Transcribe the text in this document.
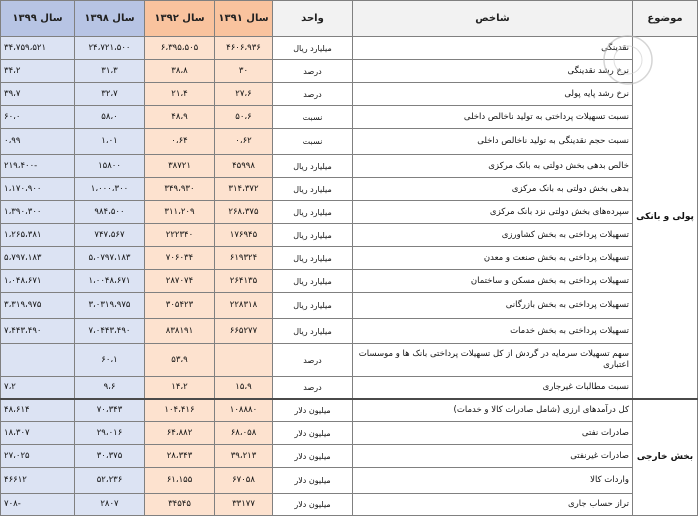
موضوع	شاخص	واحد	سال ۱۳۹۱	سال ۱۳۹۲	سال ۱۳۹۸	سال ۱۳۹۹
پولی و بانکی	نقدینگی	میلیارد ریال	۴۶۰۶،۹۳۶	۶،۳۹۵،۵۰۵	۲۴،۷۲۱،۵۰۰	۳۴،۷۵۹،۵۲۱
	نرخ رشد نقدینگی	درصد	۳۰	۳۸،۸	۳۱،۳	۳۴،۲
	نرخ رشد پایه پولی	درصد	۲۷،۶	۲۱،۴	۳۲،۷	۳۹،۷
	نسبت تسهیلات پرداختی به تولید ناخالص داخلی	نسبت	۵۰،۶	۴۸،۹	۵۸،۰	۶۰،۰
	نسبت حجم نقدینگی به تولید ناخالص داخلی	نسبت	۰،۶۲	۰،۶۴	۱،۰۱	۰،۹۹
	خالص بدهی بخش دولتی به بانک مرکزی	میلیارد ریال	۴۵۹۹۸	۳۸۷۲۱	۱۵۸۰۰	-۲۱۹،۴۰۰
	بدهی بخش دولتی به بانک مرکزی	میلیارد ریال	۳۱۴،۳۷۲	۳۴۹،۹۳۰	۱،۰۰۰،۳۰۰	۱،۱۷۰،۹۰۰
	سپرده‌های بخش دولتی نزد بانک مرکزی	میلیارد ریال	۲۶۸،۳۷۵	۳۱۱،۲۰۹	۹۸۴،۵۰۰	۱،۳۹۰،۳۰۰
	تسهیلات پرداختی به بخش کشاورزی	میلیارد ریال	۱۷۶۹۴۵	۲۲۲۳۴۰	۷۴۷،۵۶۷	۱،۲۶۵،۳۸۱
	تسهیلات پرداختی به بخش صنعت و معدن	میلیارد ریال	۶۱۹۳۲۴	۷۰۶۰۳۴	۵،۰۷۹۷،۱۸۳	۵،۷۹۷،۱۸۳
	تسهیلات پرداختی به بخش مسکن و ساختمان	میلیارد ریال	۲۶۴۱۳۵	۲۸۷۰۷۴	۱،۰۰۴۸،۶۷۱	۱،۰۴۸،۶۷۱
	تسهیلات پرداختی به بخش بازرگانی	میلیارد ریال	۲۲۸۳۱۸	۳۰۵۴۲۳	۳،۰۳۱۹،۹۷۵	۳،۳۱۹،۹۷۵
	تسهیلات پرداختی به بخش خدمات	میلیارد ریال	۶۶۵۲۷۷	۸۳۸۱۹۱	۷،۰۴۴۳،۴۹۰	۷،۴۴۳،۴۹۰
	سهم تسهیلات سرمایه در گردش از کل تسهیلات پرداختی بانک ها و موسسات اعتباری	درصد		۵۳،۹	۶۰،۱	
	نسبت مطالبات غیرجاری	درصد	۱۵،۹	۱۴،۲	۹،۶	۷،۲
بخش خارجی	کل درآمدهای ارزی (شامل صادرات کالا و خدمات)	میلیون دلار	۱۰۸۸۸۰	۱۰۴،۴۱۶	۷۰،۳۴۳	۴۸،۶۱۴
	صادرات نفتی	میلیون دلار	۶۸،۰۵۸	۶۴،۸۸۲	۲۹،۰۱۶	۱۸،۳۰۷
	صادرات غیرنفتی	میلیون دلار	۳۹،۲۱۳	۲۸،۳۴۳	۳۰،۳۷۵	۲۷،۰۲۵
	واردات کالا	میلیون دلار	۶۷۰۵۸	۶۱،۱۵۵	۵۲،۲۳۶	۴۶۶۱۲
	تراز حساب جاری	میلیون دلار	۳۳۱۷۷	۳۴۵۴۵	۲۸۰۷	-۷۰۸
